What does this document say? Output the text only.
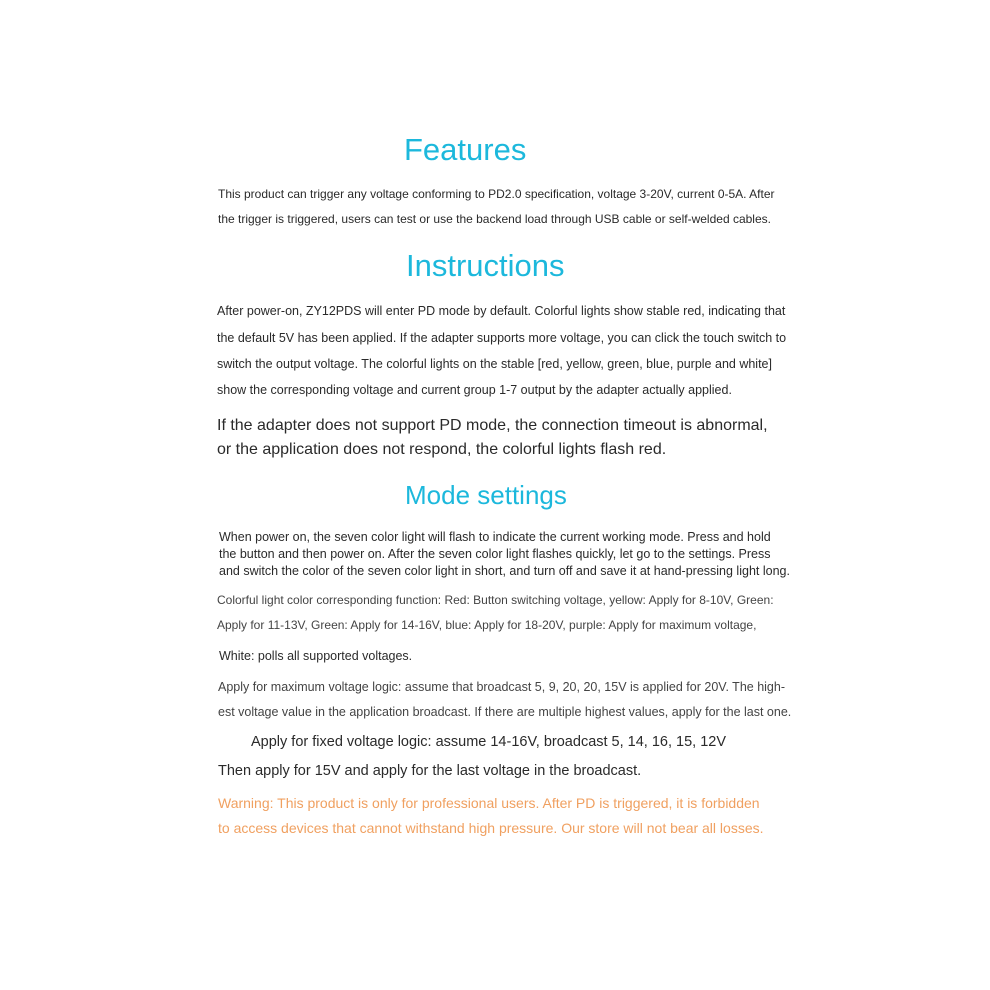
Features

This product can trigger any voltage conforming to PD2.0 specification, voltage 3-20V, current 0-5A. After

the trigger is triggered, users can test or use the backend load through USB cable or self-welded cables.

Instructions

After power-on, ZY12PDS will enter PD mode by default. Colorful lights show stable red, indicating that

the default 5V has been applied. If the adapter supports more voltage, you can click the touch switch to

switch the output voltage. The colorful lights on the stable [red, yellow, green, blue, purple and white]

show the corresponding voltage and current group 1-7 output by the adapter actually applied.

If the adapter does not support PD mode, the connection timeout is abnormal,

or the application does not respond, the colorful lights flash red.

Mode settings

When power on, the seven color light will flash to indicate the current working mode. Press and hold

the button and then power on. After the seven color light flashes quickly, let go to the settings. Press

and switch the color of the seven color light in short, and turn off and save it at hand-pressing light long.

Colorful light color corresponding function: Red: Button switching voltage, yellow: Apply for 8-10V, Green:

Apply for 11-13V, Green: Apply for 14-16V, blue: Apply for 18-20V, purple: Apply for maximum voltage,

White: polls all supported voltages.

Apply for maximum voltage logic: assume that broadcast 5, 9, 20, 20, 15V is applied for 20V. The high-

est voltage value in the application broadcast. If there are multiple highest values, apply for the last one.

Apply for fixed voltage logic: assume 14-16V, broadcast 5, 14, 16, 15, 12V

Then apply for 15V and apply for the last voltage in the broadcast.

Warning: This product is only for professional users. After PD is triggered, it is forbidden

to access devices that cannot withstand high pressure. Our store will not bear all losses.
